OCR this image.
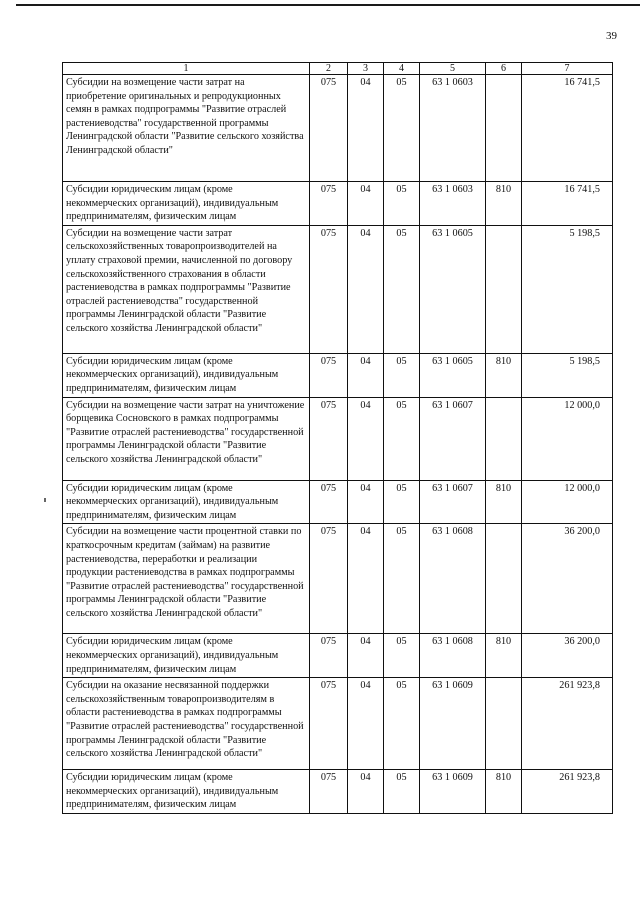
39
1	2	3	4	5	6	7
Субсидии на возмещение части затрат на приобретение оригинальных и репродукционных семян в рамках подпрограммы "Развитие отраслей растениеводства" государственной программы Ленинградской области "Развитие сельского хозяйства Ленинградской области"	075	04	05	63 1 0603		16 741,5
Субсидии юридическим лицам (кроме некоммерческих организаций), индивидуальным предпринимателям, физическим лицам	075	04	05	63 1 0603	810	16 741,5
Субсидии на возмещение части затрат сельскохозяйственных товаропроизводителей на уплату страховой премии, начисленной по договору сельскохозяйственного страхования в области растениеводства в рамках подпрограммы "Развитие отраслей растениеводства" государственной программы Ленинградской области "Развитие сельского хозяйства Ленинградской области"	075	04	05	63 1 0605		5 198,5
Субсидии юридическим лицам (кроме некоммерческих организаций), индивидуальным предпринимателям, физическим лицам	075	04	05	63 1 0605	810	5 198,5
Субсидии на возмещение части затрат на уничтожение борщевика Сосновского в рамках подпрограммы "Развитие отраслей растениеводства" государственной программы Ленинградской области "Развитие сельского хозяйства Ленинградской области"	075	04	05	63 1 0607		12 000,0
Субсидии юридическим лицам (кроме некоммерческих организаций), индивидуальным предпринимателям, физическим лицам	075	04	05	63 1 0607	810	12 000,0
Субсидии на возмещение части процентной ставки по краткосрочным кредитам (займам) на развитие растениеводства, переработки и реализации продукции растениеводства в рамках подпрограммы "Развитие отраслей растениеводства" государственной программы Ленинградской области "Развитие сельского хозяйства Ленинградской области"	075	04	05	63 1 0608		36 200,0
Субсидии юридическим лицам (кроме некоммерческих организаций), индивидуальным предпринимателям, физическим лицам	075	04	05	63 1 0608	810	36 200,0
Субсидии на оказание несвязанной поддержки сельскохозяйственным товаропроизводителям в области растениеводства в рамках подпрограммы "Развитие отраслей растениеводства" государственной программы Ленинградской области "Развитие сельского хозяйства Ленинградской области"	075	04	05	63 1 0609		261 923,8
Субсидии юридическим лицам (кроме некоммерческих организаций), индивидуальным предпринимателям, физическим лицам	075	04	05	63 1 0609	810	261 923,8
